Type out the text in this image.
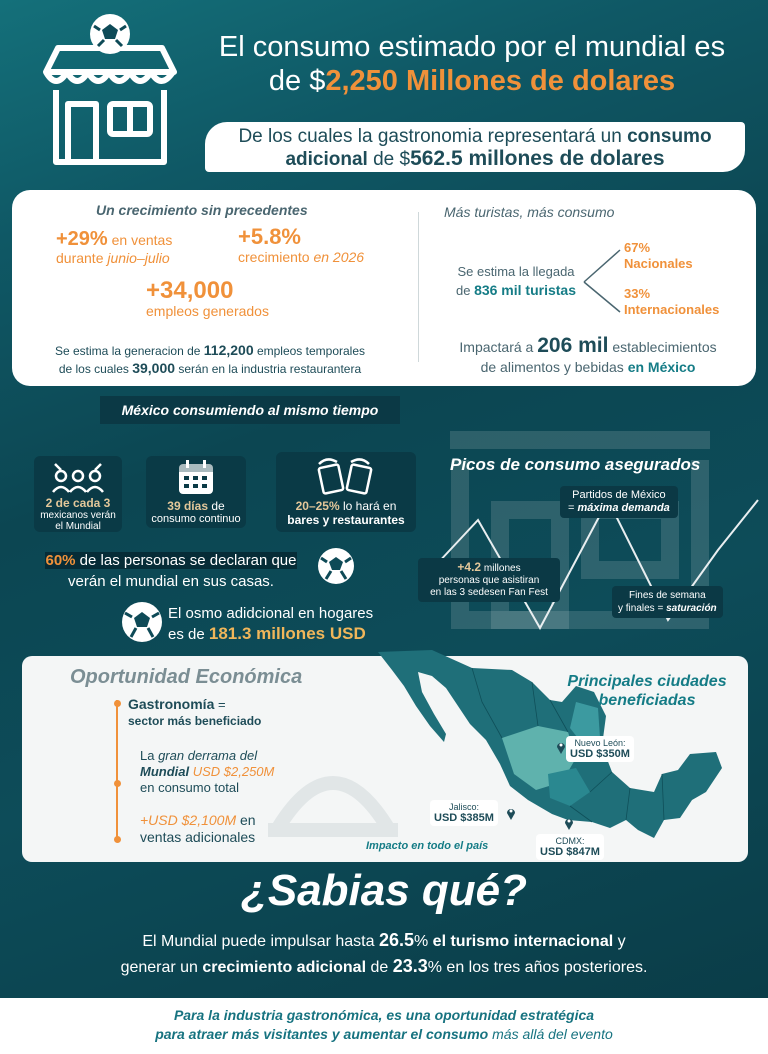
El consumo estimado por el mundial es
de $2,250 Millones de dolares
De los cuales la gastronomia representará un consumo
adicional de $562.5 millones de dolares
Un crecimiento sin precedentes
+29% en ventas
durante junio–julio
+5.8%
crecimiento en 2026
+34,000
empleos generados
Se estima la generacion de 112,200 empleos temporales
de los cuales 39,000 serán en la industria restaurantera
Más turistas, más consumo
Se estima la llegada
de 836 mil turistas
67%
Nacionales
33%
Internacionales
Impactará a 206 mil establecimientos
de alimentos y bebidas en México
México consumiendo al mismo tiempo
2 de cada 3
mexicanos verán
el Mundial
39 días de
consumo continuo
20–25% lo hará en
bares y restaurantes
60% de las personas se declaran que
verán el mundial en sus casas.
El osmo adidcional en hogares
es de 181.3 millones USD
Picos de consumo asegurados
Partidos de México
= máxima demanda
+4.2 millones
personas que asistiran
en las 3 sedesen Fan Fest	Fines de semana
y finales = saturación
Oportunidad Económica
Gastronomía =
sector más beneficiado
La gran derrama del
Mundial USD $2,250M
en consumo total
+USD $2,100M en
ventas adicionales
Principales ciudades
beneficiadas
Nuevo León:
USD $350M
Jalisco:
USD $385M
CDMX:
USD $847M
Impacto en todo el país
¿Sabias qué?
El Mundial puede impulsar hasta 26.5% el turismo internacional y
generar un crecimiento adicional de 23.3% en los tres años posteriores.
Para la industria gastronómica, es una oportunidad estratégica
para atraer más visitantes y aumentar el consumo más allá del evento
